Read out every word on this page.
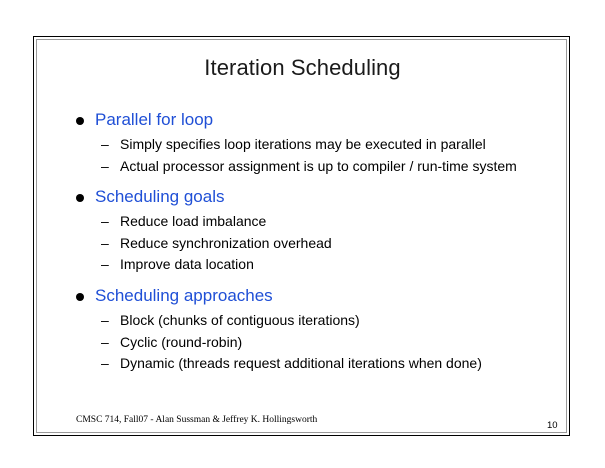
Iteration Scheduling
Parallel for loop
– Simply specifies loop iterations may be executed in parallel
– Actual processor assignment is up to compiler / run-time system
Scheduling goals
– Reduce load imbalance
– Reduce synchronization overhead
– Improve data location
Scheduling approaches
– Block (chunks of contiguous iterations)
– Cyclic (round-robin)
– Dynamic (threads request additional iterations when done)
CMSC 714, Fall07 - Alan Sussman & Jeffrey K. Hollingsworth	10
